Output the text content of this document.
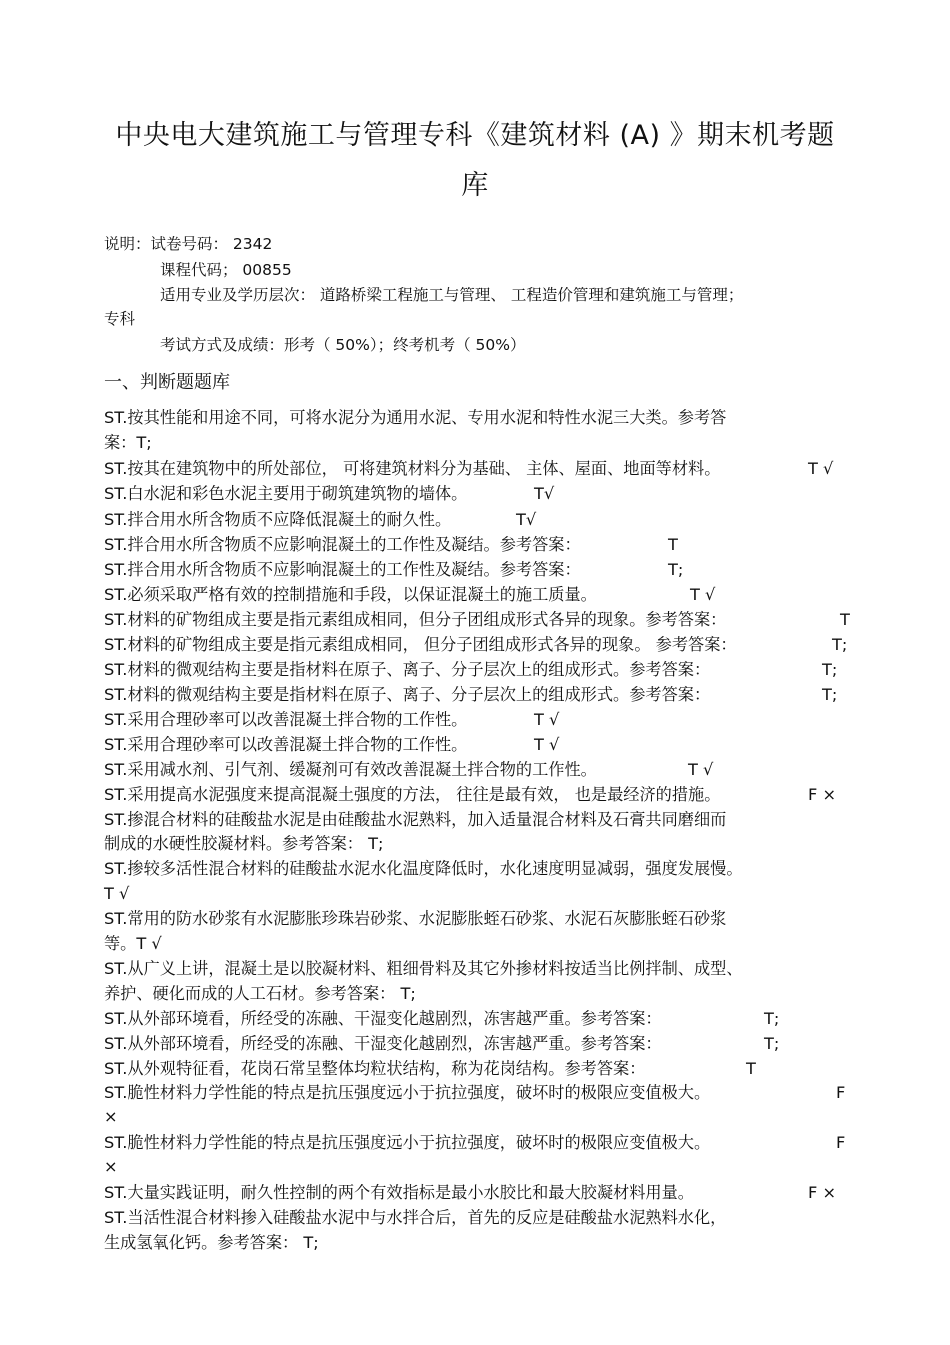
中央电大建筑施工与管理专科《建筑材料 (A) 》期末机考题
库
说明：试卷号码： 2342
课程代码； 00855
适用专业及学历层次： 道路桥梁工程施工与管理、 工程造价管理和建筑施工与管理；
专科
考试方式及成绩：形考（ 50%）；终考机考（ 50%）
一、判断题题库
ST.按其性能和用途不同，可将水泥分为通用水泥、专用水泥和特性水泥三大类。参考答
案：T;
ST.按其在建筑物中的所处部位， 可将建筑材料分为基础、 主体、屋面、地面等材料。	T √
ST.白水泥和彩色水泥主要用于砌筑建筑物的墙体。	T√
ST.拌合用水所含物质不应降低混凝土的耐久性。	T√
ST.拌合用水所含物质不应影响混凝土的工作性及凝结。参考答案：	T
ST.拌合用水所含物质不应影响混凝土的工作性及凝结。参考答案：	T;
ST.必须采取严格有效的控制措施和手段，以保证混凝土的施工质量。	T √
ST.材料的矿物组成主要是指元素组成相同，但分子团组成形式各异的现象。参考答案：	T
ST.材料的矿物组成主要是指元素组成相同， 但分子团组成形式各异的现象。 参考答案：	T;
ST.材料的微观结构主要是指材料在原子、离子、分子层次上的组成形式。参考答案：	T;
ST.材料的微观结构主要是指材料在原子、离子、分子层次上的组成形式。参考答案：	T;
ST.采用合理砂率可以改善混凝土拌合物的工作性。	T √
ST.采用合理砂率可以改善混凝土拌合物的工作性。	T √
ST.采用减水剂、引气剂、缓凝剂可有效改善混凝土拌合物的工作性。	T √
ST.采用提高水泥强度来提高混凝土强度的方法， 往往是最有效， 也是最经济的措施。	F ×
ST.掺混合材料的硅酸盐水泥是由硅酸盐水泥熟料，加入适量混合材料及石膏共同磨细而
制成的水硬性胶凝材料。参考答案： T;
ST.掺较多活性混合材料的硅酸盐水泥水化温度降低时，水化速度明显减弱，强度发展慢。
T √
ST.常用的防水砂浆有水泥膨胀珍珠岩砂浆、水泥膨胀蛭石砂浆、水泥石灰膨胀蛭石砂浆
等。T √
ST.从广义上讲，混凝土是以胶凝材料、粗细骨料及其它外掺材料按适当比例拌制、成型、
养护、硬化而成的人工石材。参考答案： T;
ST.从外部环境看，所经受的冻融、干湿变化越剧烈，冻害越严重。参考答案：	T;
ST.从外部环境看，所经受的冻融、干湿变化越剧烈，冻害越严重。参考答案：	T;
ST.从外观特征看，花岗石常呈整体均粒状结构，称为花岗结构。参考答案：	T
ST.脆性材料力学性能的特点是抗压强度远小于抗拉强度，破坏时的极限应变值极大。	F
×
ST.脆性材料力学性能的特点是抗压强度远小于抗拉强度，破坏时的极限应变值极大。	F
×
ST.大量实践证明，耐久性控制的两个有效指标是最小水胶比和最大胶凝材料用量。	F ×
ST.当活性混合材料掺入硅酸盐水泥中与水拌合后，首先的反应是硅酸盐水泥熟料水化，
生成氢氧化钙。参考答案： T;
